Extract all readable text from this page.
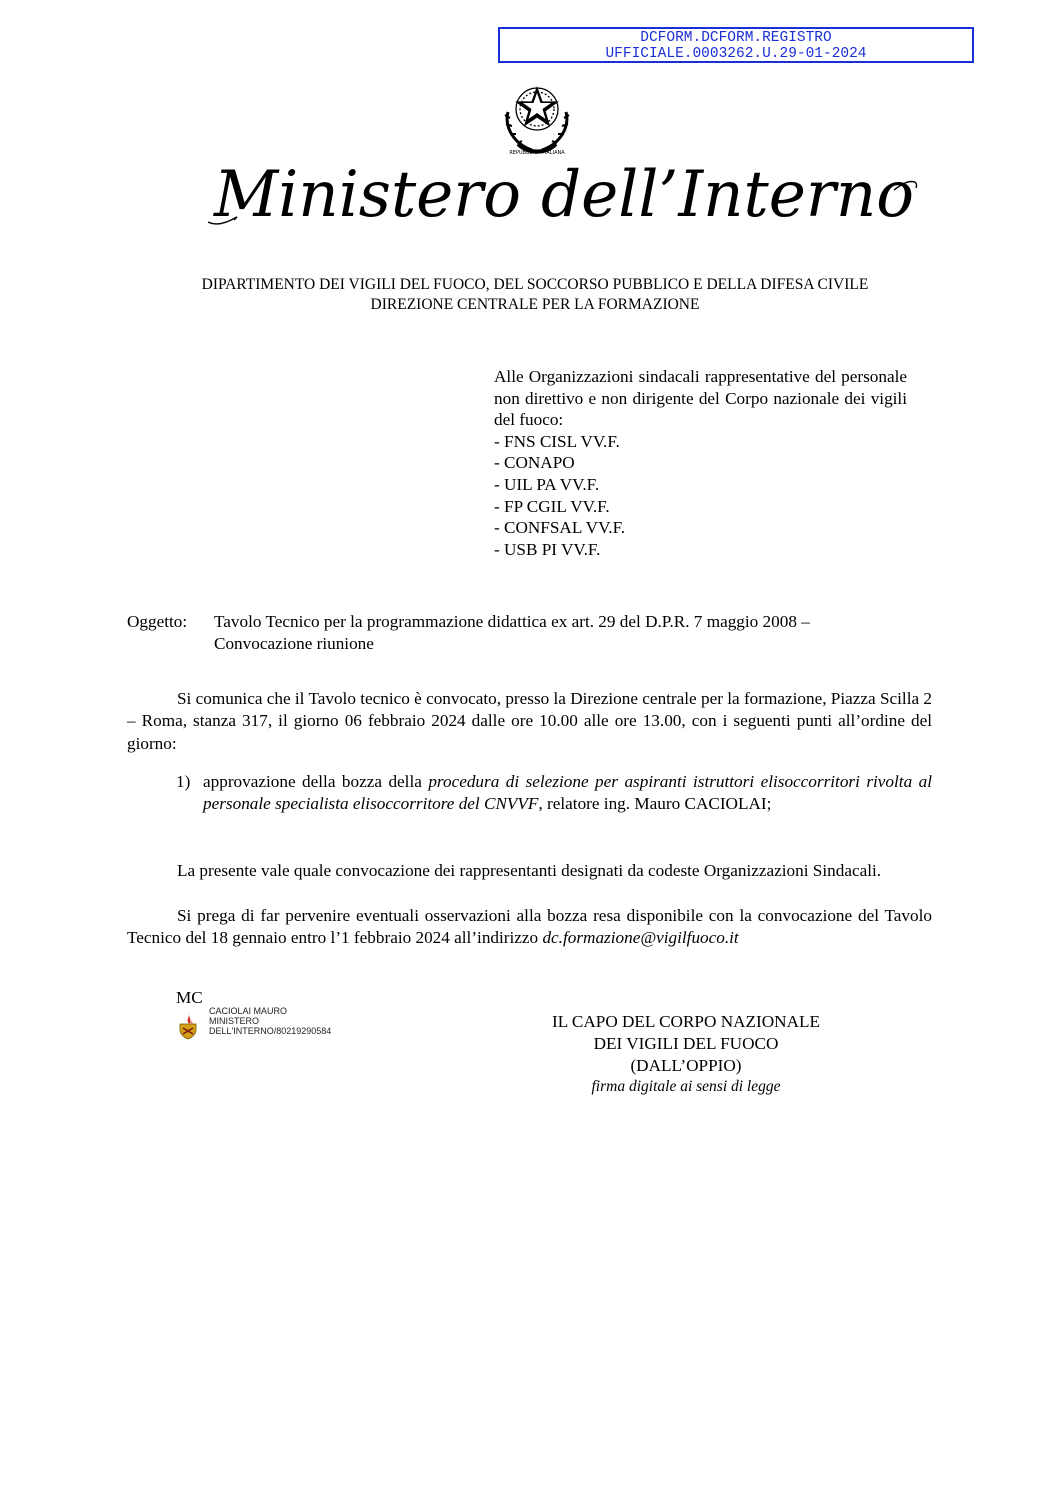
DCFORM.DCFORM.REGISTRO
UFFICIALE.0003262.U.29-01-2024
REPUBBLICA ITALIANA
Ministero dell’Interno
DIPARTIMENTO DEI VIGILI DEL FUOCO, DEL SOCCORSO PUBBLICO E DELLA DIFESA CIVILE
DIREZIONE CENTRALE PER LA FORMAZIONE
Alle Organizzazioni sindacali rappresentative del personale non direttivo e non dirigente del Corpo nazionale dei vigili del fuoco:
- FNS CISL VV.F.
- CONAPO
- UIL PA VV.F.
- FP CGIL VV.F.
- CONFSAL VV.F.
- USB PI VV.F.
Oggetto: Tavolo Tecnico per la programmazione didattica ex art. 29 del D.P.R. 7 maggio 2008 –
Convocazione riunione
Si comunica che il Tavolo tecnico è convocato, presso la Direzione centrale per la formazione, Piazza Scilla 2 – Roma, stanza 317, il giorno 06 febbraio 2024 dalle ore 10.00 alle ore 13.00, con i seguenti punti all’ordine del giorno:
1) approvazione della bozza della procedura di selezione per aspiranti istruttori elisoccorritori rivolta al personale specialista elisoccorritore del CNVVF, relatore ing. Mauro CACIOLAI;
La presente vale quale convocazione dei rappresentanti designati da codeste Organizzazioni Sindacali.
Si prega di far pervenire eventuali osservazioni alla bozza resa disponibile con la convocazione del Tavolo Tecnico del 18 gennaio entro l’1 febbraio 2024 all’indirizzo dc.formazione@vigilfuoco.it
MC
CACIOLAI MAURO
MINISTERO
DELL'INTERNO/80219290584	IL CAPO DEL CORPO NAZIONALE
DEI VIGILI DEL FUOCO
(DALL’OPPIO)
firma digitale ai sensi di legge
